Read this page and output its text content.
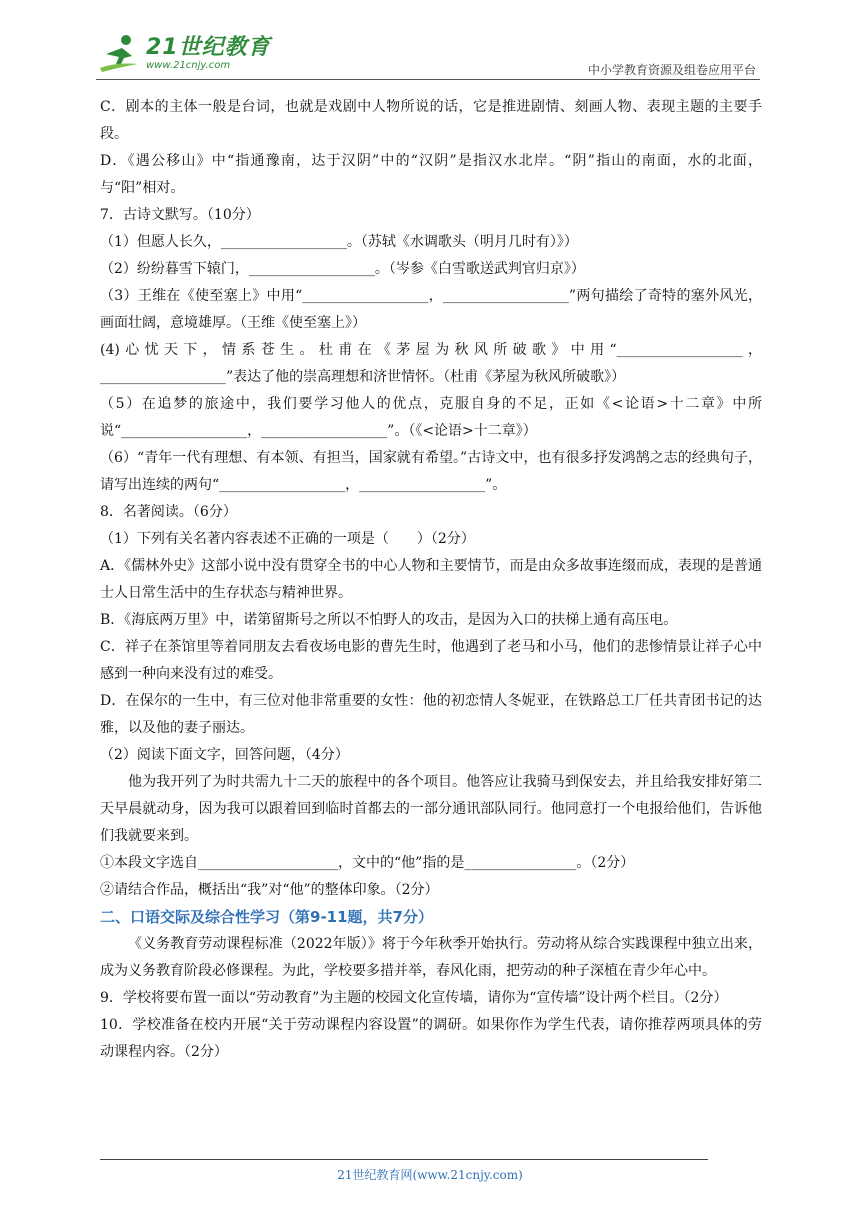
21世纪教育
www.21cnjy.com	中小学教育资源及组卷应用平台

C．剧本的主体一般是台词，也就是戏剧中人物所说的话，它是推进剧情、刻画人物、表现主题的主要手段。

D．《遇公移山》中“指通豫南，达于汉阴”中的“汉阴”是指汉水北岸。“阴”指山的南面，水的北面，与“阳”相对。

7．古诗文默写。（10分）

（1）但愿人长久，__________________。（苏轼《水调歌头（明月几时有）》）

（2）纷纷暮雪下辕门，__________________。（岑参《白雪歌送武判官归京》）

（3）王维在《使至塞上》中用“__________________，__________________”两句描绘了奇特的塞外风光，画面壮阔，意境雄厚。（王维《使至塞上》）

(4)心忧天下，情系苍生。杜甫在《茅屋为秋风所破歌》中用“__________________，__________________”表达了他的崇高理想和济世情怀。（杜甫《茅屋为秋风所破歌》）

（5）在追梦的旅途中，我们要学习他人的优点，克服自身的不足，正如《<论语>十二章》中所说“__________________，__________________”。（《<论语>十二章》）

（6）“青年一代有理想、有本领、有担当，国家就有希望。”古诗文中，也有很多抒发鸿鹄之志的经典句子，请写出连续的两句“__________________，__________________”。

8．名著阅读。（6分）

（1）下列有关名著内容表述不正确的一项是（　　）（2分）

A．《儒林外史》这部小说中没有贯穿全书的中心人物和主要情节，而是由众多故事连缀而成，表现的是普通士人日常生活中的生存状态与精神世界。

B．《海底两万里》中，诺第留斯号之所以不怕野人的攻击，是因为入口的扶梯上通有高压电。

C．祥子在茶馆里等着同朋友去看夜场电影的曹先生时，他遇到了老马和小马，他们的悲惨情景让祥子心中感到一种向来没有过的难受。

D．在保尔的一生中，有三位对他非常重要的女性：他的初恋情人冬妮亚，在铁路总工厂任共青团书记的达雅，以及他的妻子丽达。

（2）阅读下面文字，回答问题，（4分）

他为我开列了为时共需九十二天的旅程中的各个项目。他答应让我骑马到保安去，并且给我安排好第二天早晨就动身，因为我可以跟着回到临时首都去的一部分通讯部队同行。他同意打一个电报给他们，告诉他们我就要来到。

①本段文字选自____________________，文中的“他”指的是________________。（2分）

②请结合作品，概括出“我”对“他”的整体印象。（2分）

二、口语交际及综合性学习（第9-11题，共7分）

《义务教育劳动课程标准（2022年版）》将于今年秋季开始执行。劳动将从综合实践课程中独立出来，成为义务教育阶段必修课程。为此，学校要多措并举，春风化雨，把劳动的种子深植在青少年心中。

9．学校将要布置一面以“劳动教育”为主题的校园文化宣传墙，请你为“宣传墙”设计两个栏目。（2分）

10．学校准备在校内开展“关于劳动课程内容设置”的调研。如果你作为学生代表，请你推荐两项具体的劳动课程内容。（2分）

21世纪教育网(www.21cnjy.com)
